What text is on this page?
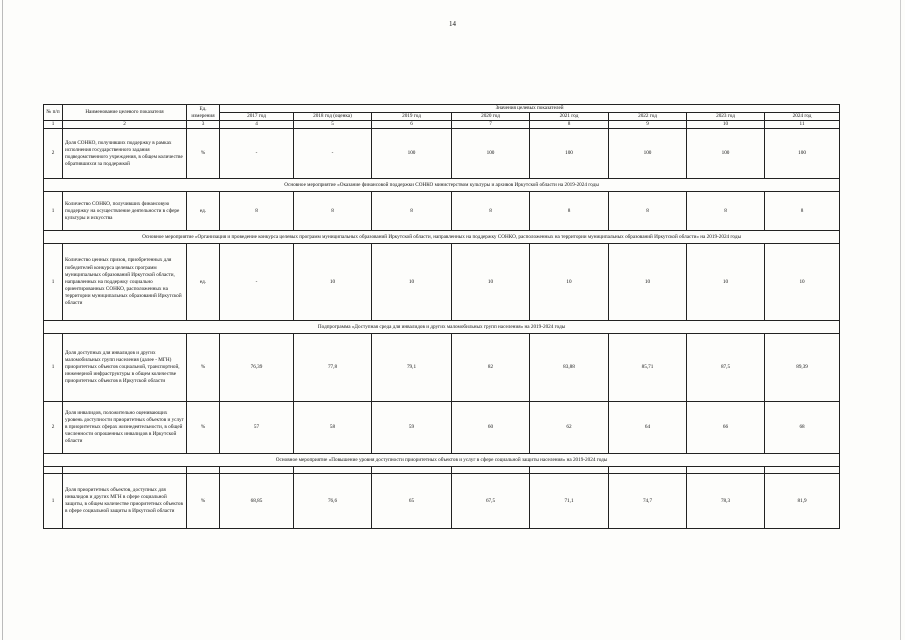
14
№ п/п	Наименование целевого показателя	Ед. измерения	Значения целевых показателей							
			2017 год	2018 год (оценка)	2019 год	2020 год	2021 год	2022 год	2023 год	2024 год
1	2	3	4	5	6	7	8	9	10	11
2	Доля СОНКО, получивших поддержку в рамках исполнения государственного задания подведомственного учреждения, в общем количестве обратившихся за поддержкой	%	-	-	100	100	100	100	100	100
Основное мероприятие «Оказание финансовой поддержки СОНКО министерством культуры и архивов Иркутской области на 2019-2024 годы										
1	Количество СОНКО, получивших финансовую поддержку на осуществление деятельности в сфере культуры и искусства	ед.	8	8	8	8	8	8	8	8
Основное мероприятие «Организация и проведение конкурса целевых программ муниципальных образований Иркутской области, направленных на поддержку СОНКО, расположенных на территории муниципальных образований Иркутской области» на 2019-2024 годы										
1	Количество ценных призов, приобретенных для победителей конкурса целевых программ муниципальных образований Иркутской области, направленных на поддержку социально ориентированных СОНКО, расположенных на территории муниципальных образований Иркутской области	ед.	-	10	10	10	10	10	10	10
Подпрограмма «Доступная среда для инвалидов и других маломобильных групп населения» на 2019-2024 годы										
1	Доля доступных для инвалидов и других маломобильных групп населения (далее - МГН) приоритетных объектов социальной, транспортной, инженерной инфраструктуры в общем количестве приоритетных объектов в Иркутской области	%	76,39	77,8	79,1	82	83,88	85,71	87,5	89,39
2	Доля инвалидов, положительно оценивающих уровень доступности приоритетных объектов и услуг в приоритетных сферах жизнедеятельности, в общей численности опрошенных инвалидов в Иркутской области	%	57	58	59	60	62	64	66	68
Основное мероприятие «Повышение уровня доступности приоритетных объектов и услуг в сфере социальной защиты населения» на 2019-2024 годы										

1	Доля приоритетных объектов, доступных для инвалидов и других МГН в сфере социальной защиты, в общем количестве приоритетных объектов в сфере социальной защиты в Иркутской области	%	68,85	76,6	65	67,5	71,1	74,7	78,3	81,9
